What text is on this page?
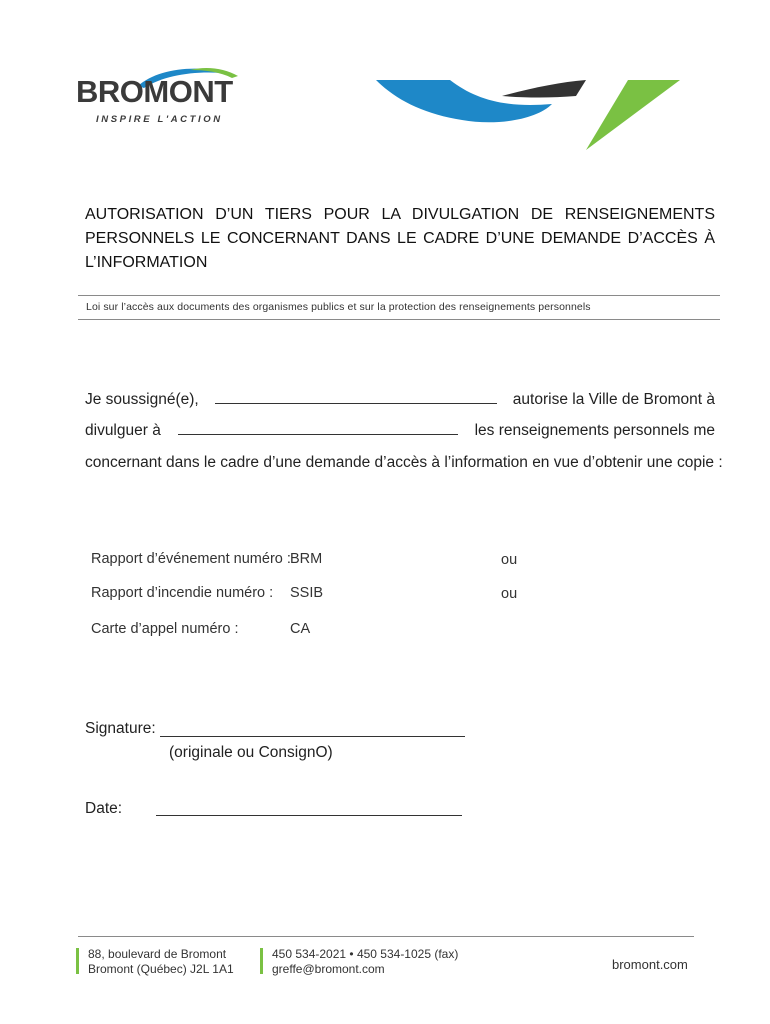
BROMONT
INSPIRE L'ACTION
AUTORISATION D’UN TIERS POUR LA DIVULGATION DE RENSEIGNEMENTS
PERSONNELS LE CONCERNANT DANS LE CADRE D’UNE DEMANDE D’ACCÈS À
L’INFORMATION
Loi sur l’accès aux documents des organismes publics et sur la protection des renseignements personnels
Je soussigné(e),	autorise la Ville de Bromont à
divulguer à	les renseignements personnels me
concernant dans le cadre d’une demande d’accès à l’information en vue d’obtenir une copie :
Rapport d’événement numéro : BRM	ou
Rapport d’incendie numéro : SSIB	ou
Carte d’appel numéro :	CA
Signature:
(originale ou ConsignO)
Date:
88, boulevard de Bromont
Bromont (Québec) J2L 1A1
450 534-2021 • 450 534-1025 (fax)
greffe@bromont.com	bromont.com
